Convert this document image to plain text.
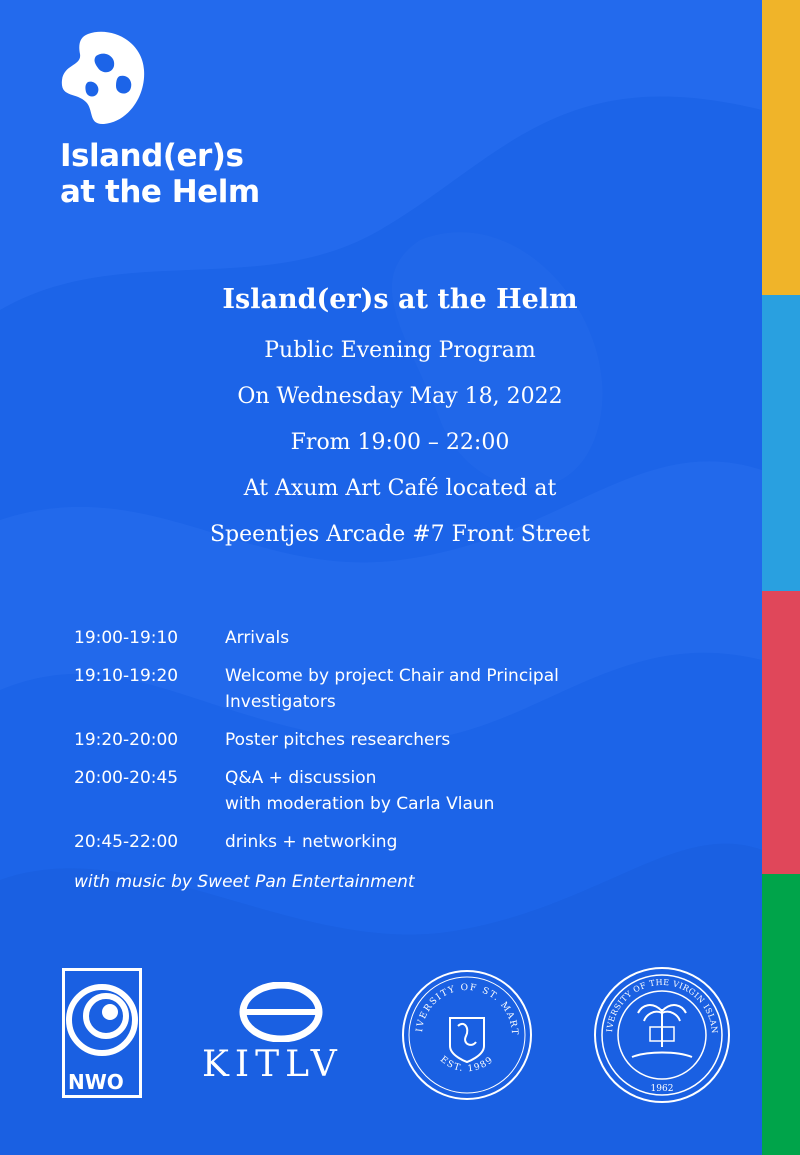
Island(er)s
at the Helm
Island(er)s at the Helm
Public Evening Program
On Wednesday May 18, 2022
From 19:00 – 22:00
At Axum Art Café located at
Speentjes Arcade #7 Front Street
19:00-19:10	Arrivals
19:10-19:20	Welcome by project Chair and Principal
Investigators
19:20-20:00	Poster pitches researchers
20:00-20:45	Q&A + discussion
with moderation by Carla Vlaun
20:45-22:00	drinks + networking
with music by Sweet Pan Entertainment
NWO KITLV
IVERSITY OF ST. MART
EST. 1989
IVERSITY OF THE VIRGIN ISLAN
1962
